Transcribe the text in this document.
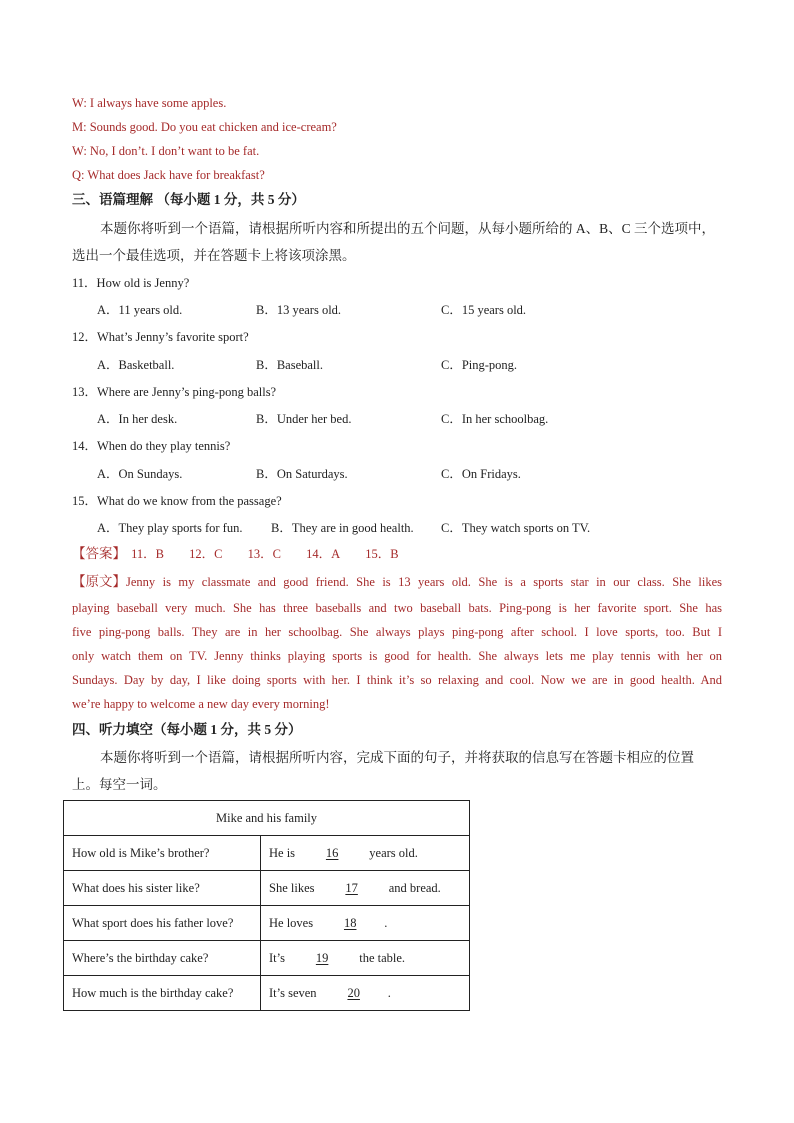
W: I always have some apples.
M: Sounds good. Do you eat chicken and ice-cream?
W: No, I don’t. I don’t want to be fat.
Q: What does Jack have for breakfast?
三、语篇理解 （每小题 1 分，共 5 分）
本题你将听到一个语篇，请根据所听内容和所提出的五个问题，从每小题所给的 A、B、C 三个选项中，
选出一个最佳选项，并在答题卡上将该项涂黑。
11．How old is Jenny?
A．11 years old.	B．13 years old.	C．15 years old.
12．What’s Jenny’s favorite sport?
A．Basketball.	B．Baseball.	C．Ping-pong.
13．Where are Jenny’s ping-pong balls?
A．In her desk.	B．Under her bed.	C．In her schoolbag.
14．When do they play tennis?
A．On Sundays.	B．On Saturdays.	C．On Fridays.
15．What do we know from the passage?
A．They play sports for fun. B．They are in good health. C．They watch sports on TV.
【答案】 11．B 12．C 13．C 14．A 15．B
【原文】 Jenny is my classmate and good friend. She is 13 years old. She is a sports star in our class. She likes
playing baseball very much. She has three baseballs and two baseball bats. Ping-pong is her favorite sport. She has
five ping-pong balls. They are in her schoolbag. She always plays ping-pong after school. I love sports, too. But I
only watch them on TV. Jenny thinks playing sports is good for health. She always lets me play tennis with her on
Sundays. Day by day, I like doing sports with her. I think it’s so relaxing and cool. Now we are in good health. And
we’re happy to welcome a new day every morning!
四、听力填空（每小题 1 分，共 5 分）
本题你将听到一个语篇，请根据所听内容，完成下面的句子，并将获取的信息写在答题卡相应的位置
上。每空一词。
Mike and his family	
How old is Mike’s brother?	He is 16 years old.
What does his sister like?	She likes 17 and bread.
What sport does his father love?	He loves 18 .
Where’s the birthday cake?	It’s 19 the table.
How much is the birthday cake?	It’s seven 20 .
